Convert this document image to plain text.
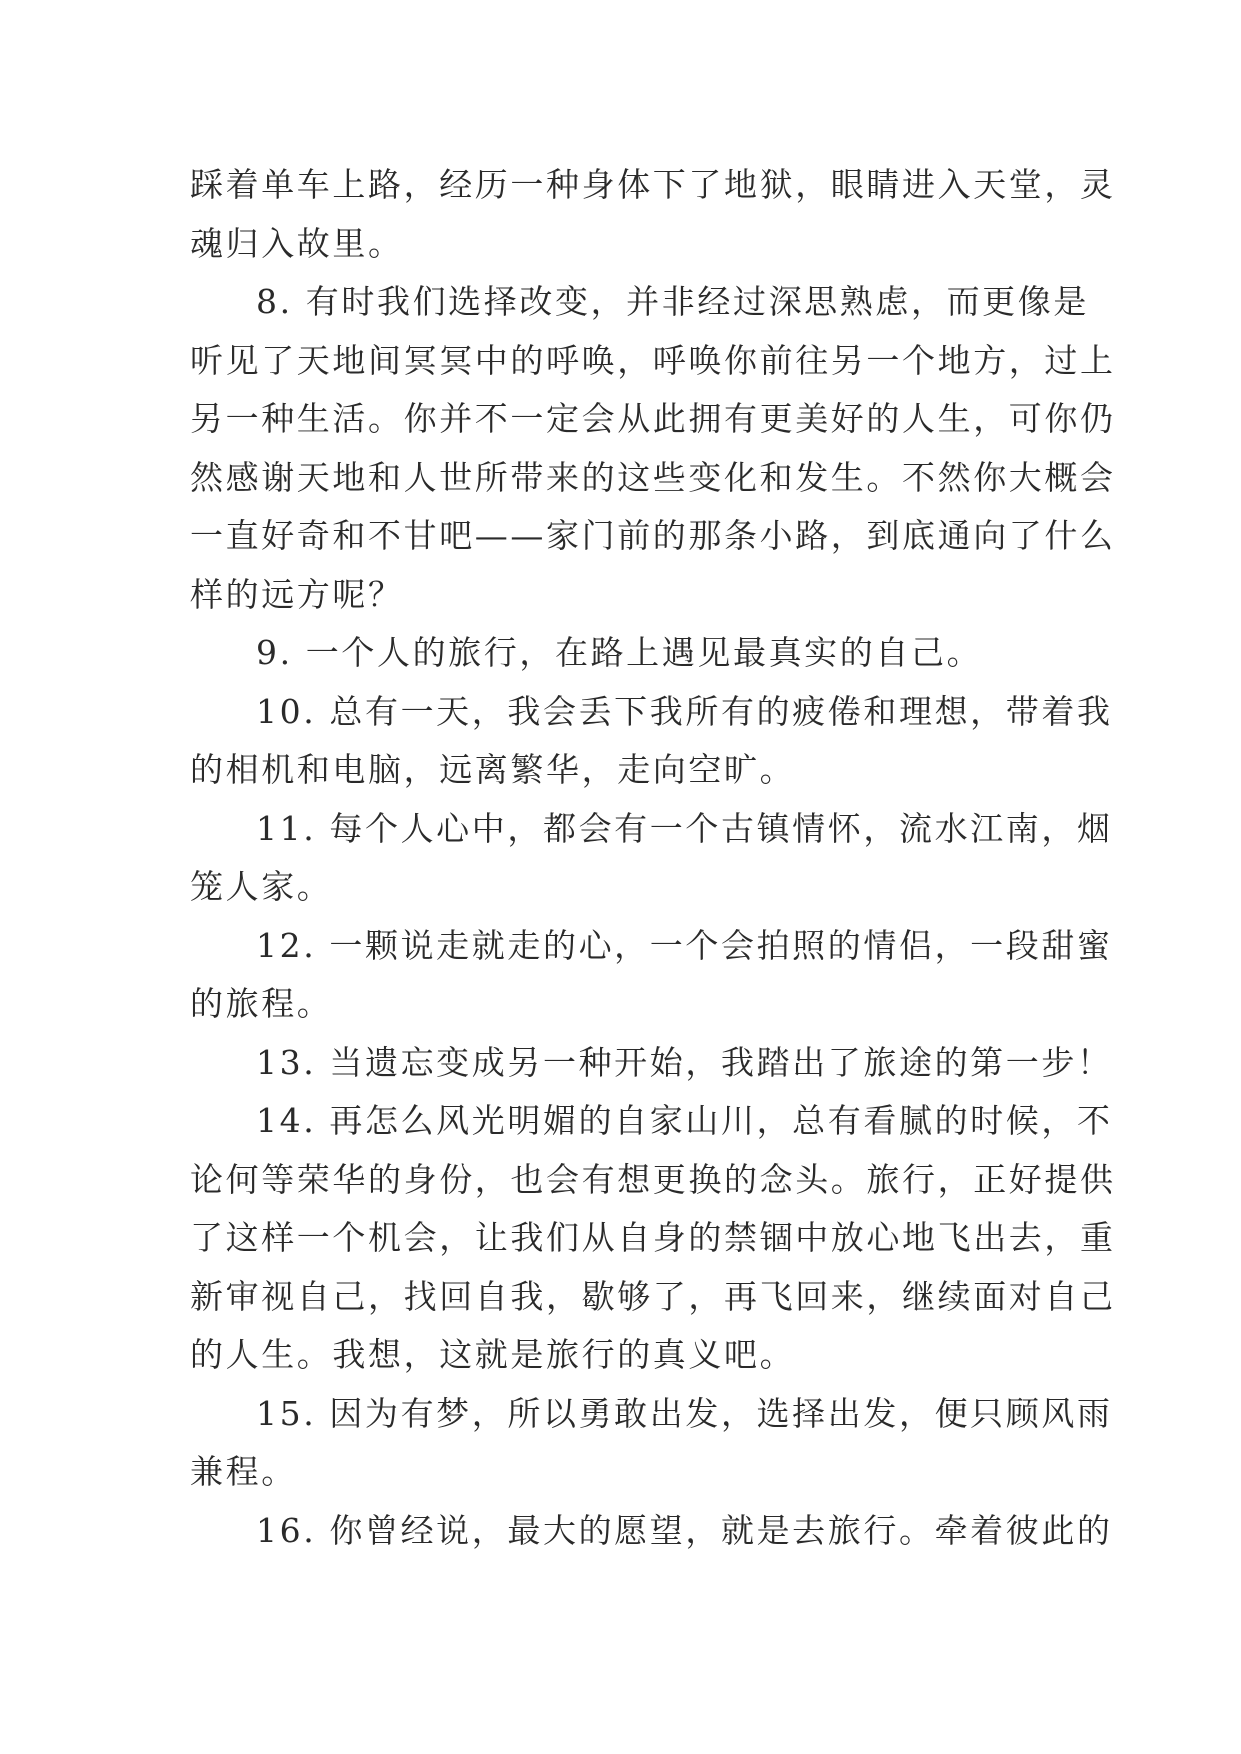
踩着单车上路，经历一种身体下了地狱，眼睛进入天堂，灵
魂归入故里。
8. 有时我们选择改变，并非经过深思熟虑，而更像是
听见了天地间冥冥中的呼唤，呼唤你前往另一个地方，过上
另一种生活。你并不一定会从此拥有更美好的人生，可你仍
然感谢天地和人世所带来的这些变化和发生。不然你大概会
一直好奇和不甘吧——家门前的那条小路，到底通向了什么
样的远方呢？
9. 一个人的旅行，在路上遇见最真实的自己。
10. 总有一天，我会丢下我所有的疲倦和理想，带着我
的相机和电脑，远离繁华，走向空旷。
11. 每个人心中，都会有一个古镇情怀，流水江南，烟
笼人家。
12. 一颗说走就走的心，一个会拍照的情侣，一段甜蜜
的旅程。
13. 当遗忘变成另一种开始，我踏出了旅途的第一步！
14. 再怎么风光明媚的自家山川，总有看腻的时候，不
论何等荣华的身份，也会有想更换的念头。旅行，正好提供
了这样一个机会，让我们从自身的禁锢中放心地飞出去，重
新审视自己，找回自我，歇够了，再飞回来，继续面对自己
的人生。我想，这就是旅行的真义吧。
15. 因为有梦，所以勇敢出发，选择出发，便只顾风雨
兼程。
16. 你曾经说，最大的愿望，就是去旅行。牵着彼此的
